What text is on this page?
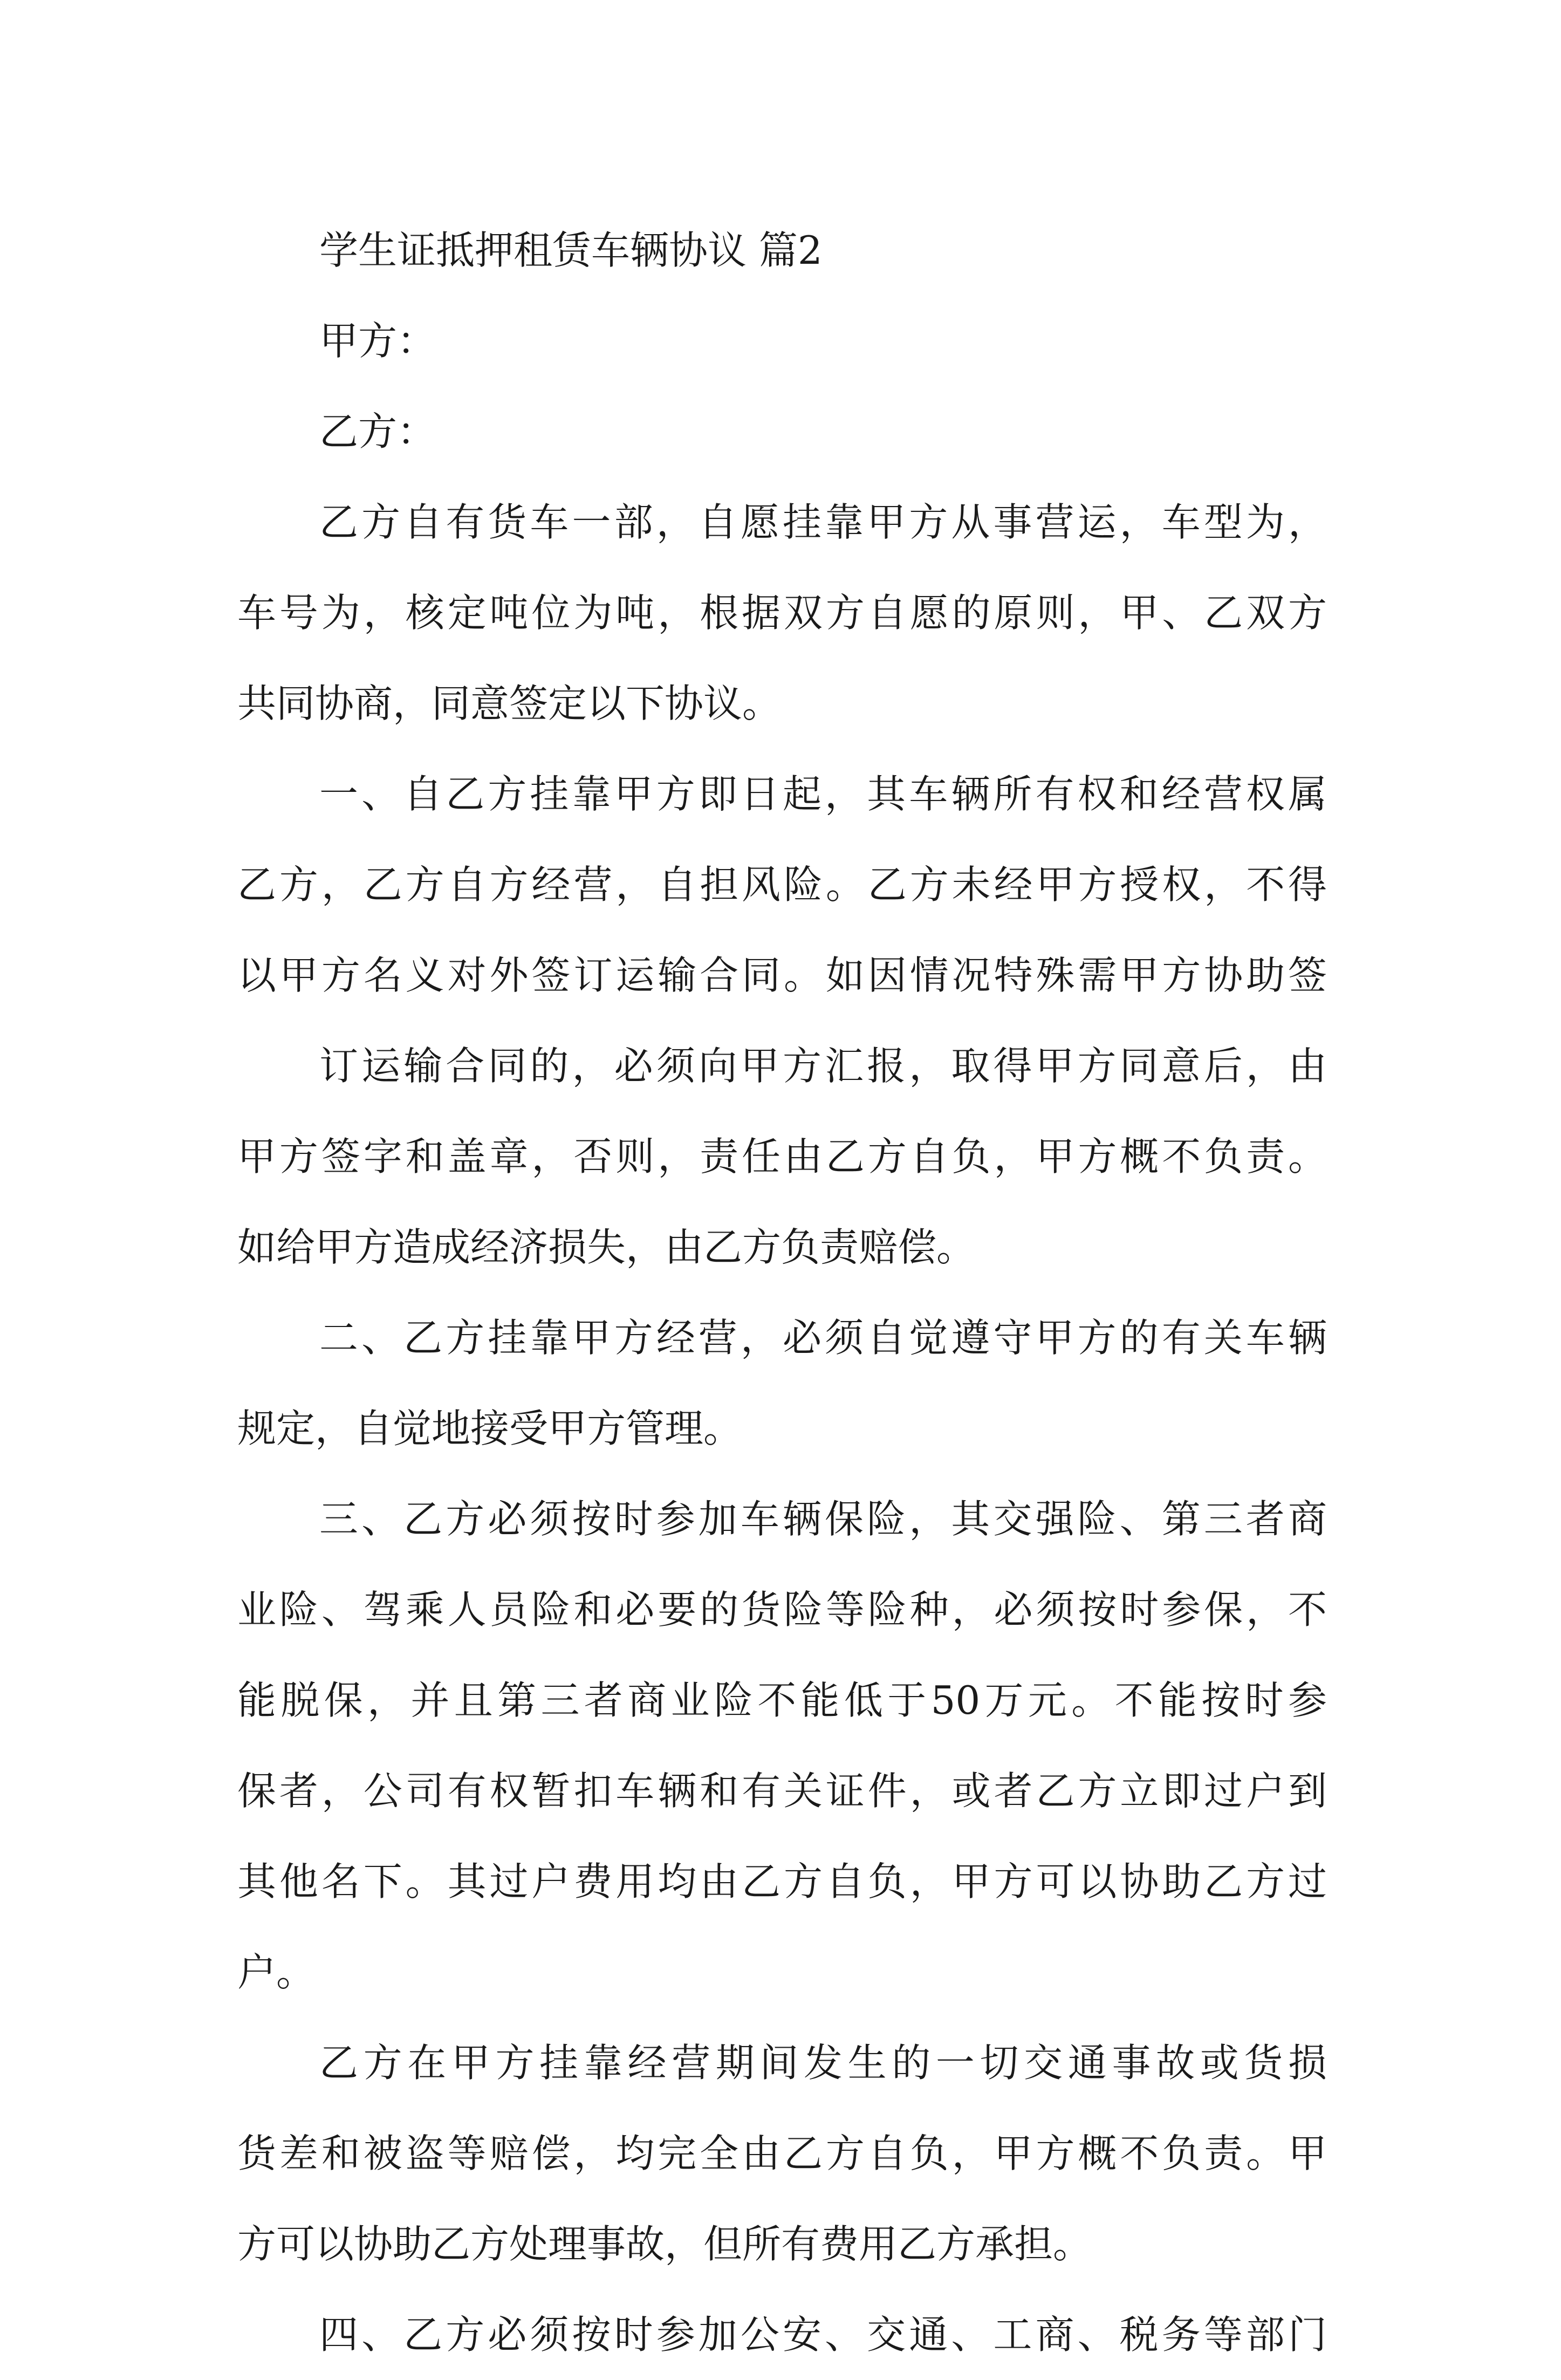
学生证抵押租赁车辆协议 篇2
甲方：
乙方：
乙方自有货车一部，自愿挂靠甲方从事营运，车型为，
车号为，核定吨位为吨，根据双方自愿的原则，甲、乙双方
共同协商，同意签定以下协议。
一、自乙方挂靠甲方即日起，其车辆所有权和经营权属
乙方，乙方自方经营，自担风险。乙方未经甲方授权，不得
以甲方名义对外签订运输合同。如因情况特殊需甲方协助签
订运输合同的，必须向甲方汇报，取得甲方同意后，由
甲方签字和盖章，否则，责任由乙方自负，甲方概不负责。
如给甲方造成经济损失，由乙方负责赔偿。
二、乙方挂靠甲方经营，必须自觉遵守甲方的有关车辆
规定，自觉地接受甲方管理。
三、乙方必须按时参加车辆保险，其交强险、第三者商
业险、驾乘人员险和必要的货险等险种，必须按时参保，不
能脱保，并且第三者商业险不能低于50万元。不能按时参
保者，公司有权暂扣车辆和有关证件，或者乙方立即过户到
其他名下。其过户费用均由乙方自负，甲方可以协助乙方过
户。
乙方在甲方挂靠经营期间发生的一切交通事故或货损
货差和被盗等赔偿，均完全由乙方自负，甲方概不负责。甲
方可以协助乙方处理事故，但所有费用乙方承担。
四、乙方必须按时参加公安、交通、工商、税务等部门
